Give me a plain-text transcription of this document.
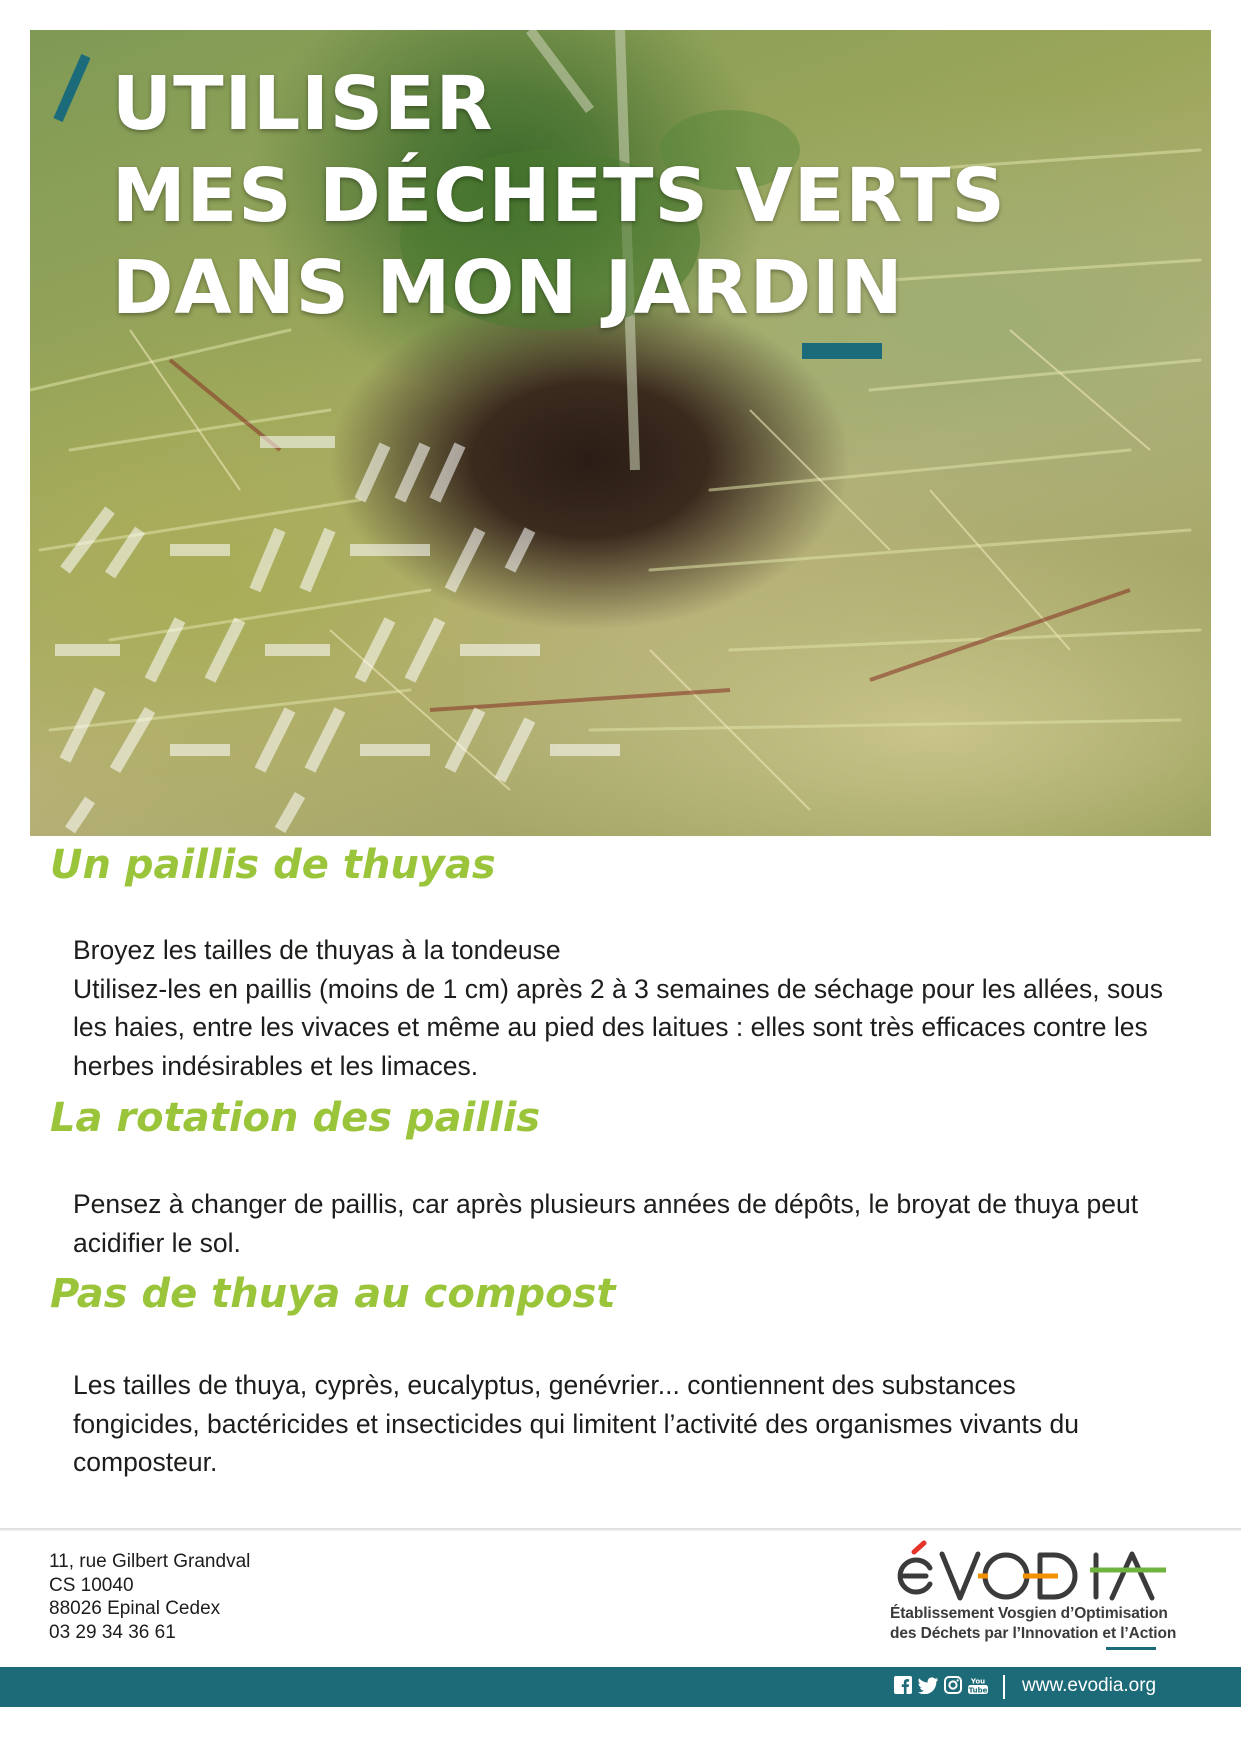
UTILISER
MES DÉCHETS VERTS
DANS MON JARDIN
Un paillis de thuyas

Broyez les tailles de thuyas à la tondeuse

Utilisez-les en paillis (moins de 1 cm) après 2 à 3 semaines de séchage pour les allées, sous les haies, entre les vivaces et même au pied des laitues : elles sont très efficaces contre les herbes indésirables et les limaces.

La rotation des paillis

Pensez à changer de paillis, car après plusieurs années de dépôts, le broyat de thuya peut acidifier le sol.

Pas de thuya au compost

Les tailles de thuya, cyprès, eucalyptus, genévrier... contiennent des substances fongicides, bactéricides et insecticides qui limitent l’activité des organismes vivants du composteur.

11, rue Gilbert Grandval
CS 10040
88026 Epinal Cedex
03 29 34 36 61
Établissement Vosgien d’Optimisation
des Déchets par l’Innovation et l’Action
You
Tube www.evodia.org
